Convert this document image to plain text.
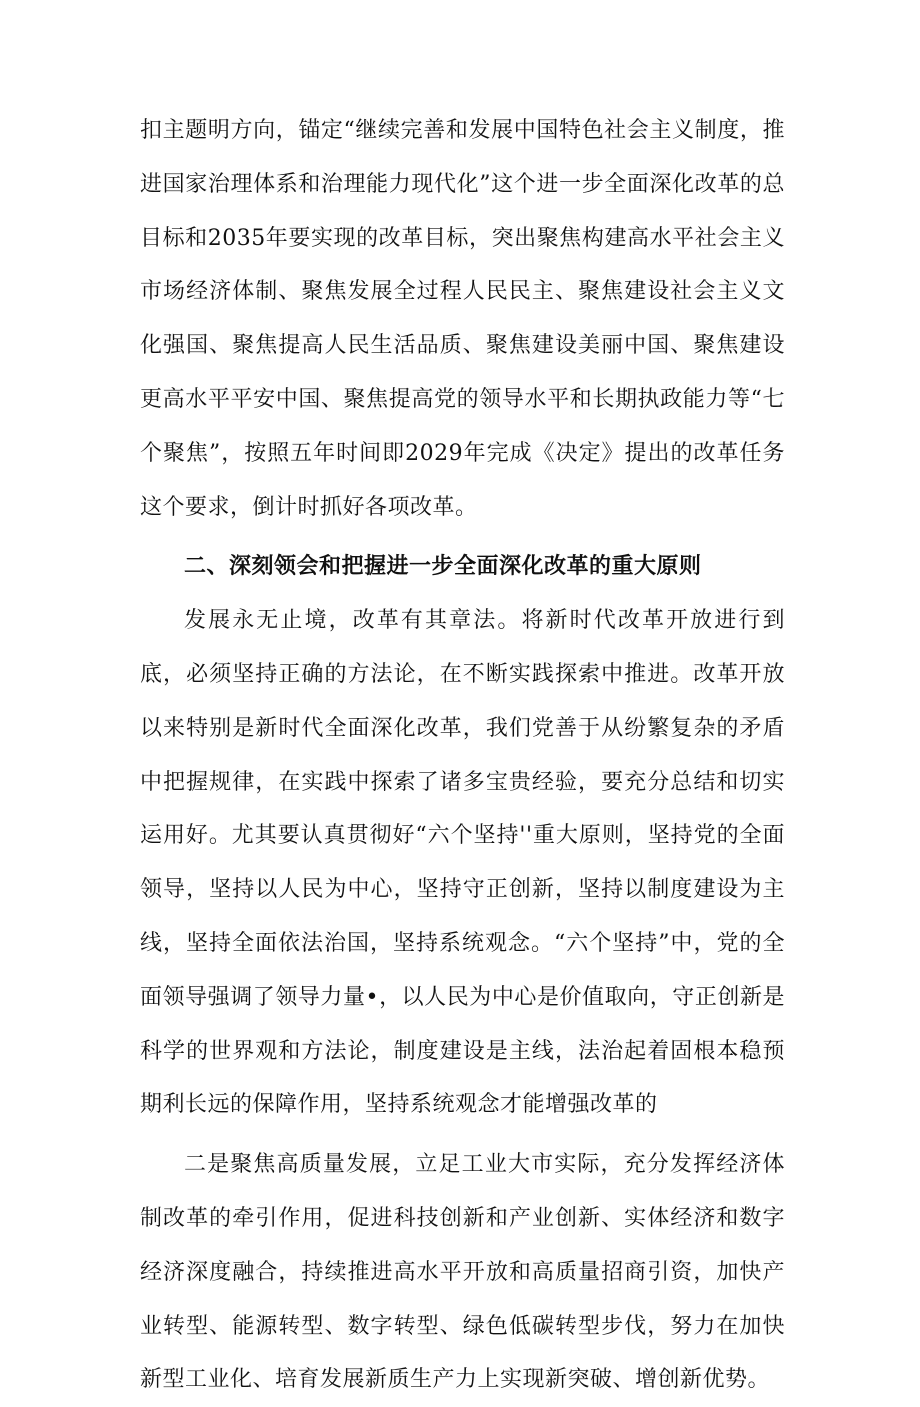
扣主题明方向，锚定“继续完善和发展中国特色社会主义制度，推进国家治理体系和治理能力现代化”这个进一步全面深化改革的总目标和2035年要实现的改革目标，突出聚焦构建高水平社会主义市场经济体制、聚焦发展全过程人民民主、聚焦建设社会主义文化强国、聚焦提高人民生活品质、聚焦建设美丽中国、聚焦建设更高水平平安中国、聚焦提高党的领导水平和长期执政能力等“七个聚焦”，按照五年时间即2029年完成《决定》提出的改革任务这个要求，倒计时抓好各项改革。

二、深刻领会和把握进一步全面深化改革的重大原则

发展永无止境，改革有其章法。将新时代改革开放进行到底，必须坚持正确的方法论，在不断实践探索中推进。改革开放以来特别是新时代全面深化改革，我们党善于从纷繁复杂的矛盾中把握规律，在实践中探索了诸多宝贵经验，要充分总结和切实运用好。尤其要认真贯彻好“六个坚持''重大原则，坚持党的全面领导，坚持以人民为中心，坚持守正创新，坚持以制度建设为主线，坚持全面依法治国，坚持系统观念。“六个坚持”中，党的全面领导强调了领导力量•，以人民为中心是价值取向，守正创新是科学的世界观和方法论，制度建设是主线，法治起着固根本稳预期利长远的保障作用，坚持系统观念才能增强改革的

二是聚焦高质量发展，立足工业大市实际，充分发挥经济体制改革的牵引作用，促进科技创新和产业创新、实体经济和数字经济深度融合，持续推进高水平开放和高质量招商引资，加快产业转型、能源转型、数字转型、绿色低碳转型步伐，努力在加快新型工业化、培育发展新质生产力上实现新突破、增创新优势。
